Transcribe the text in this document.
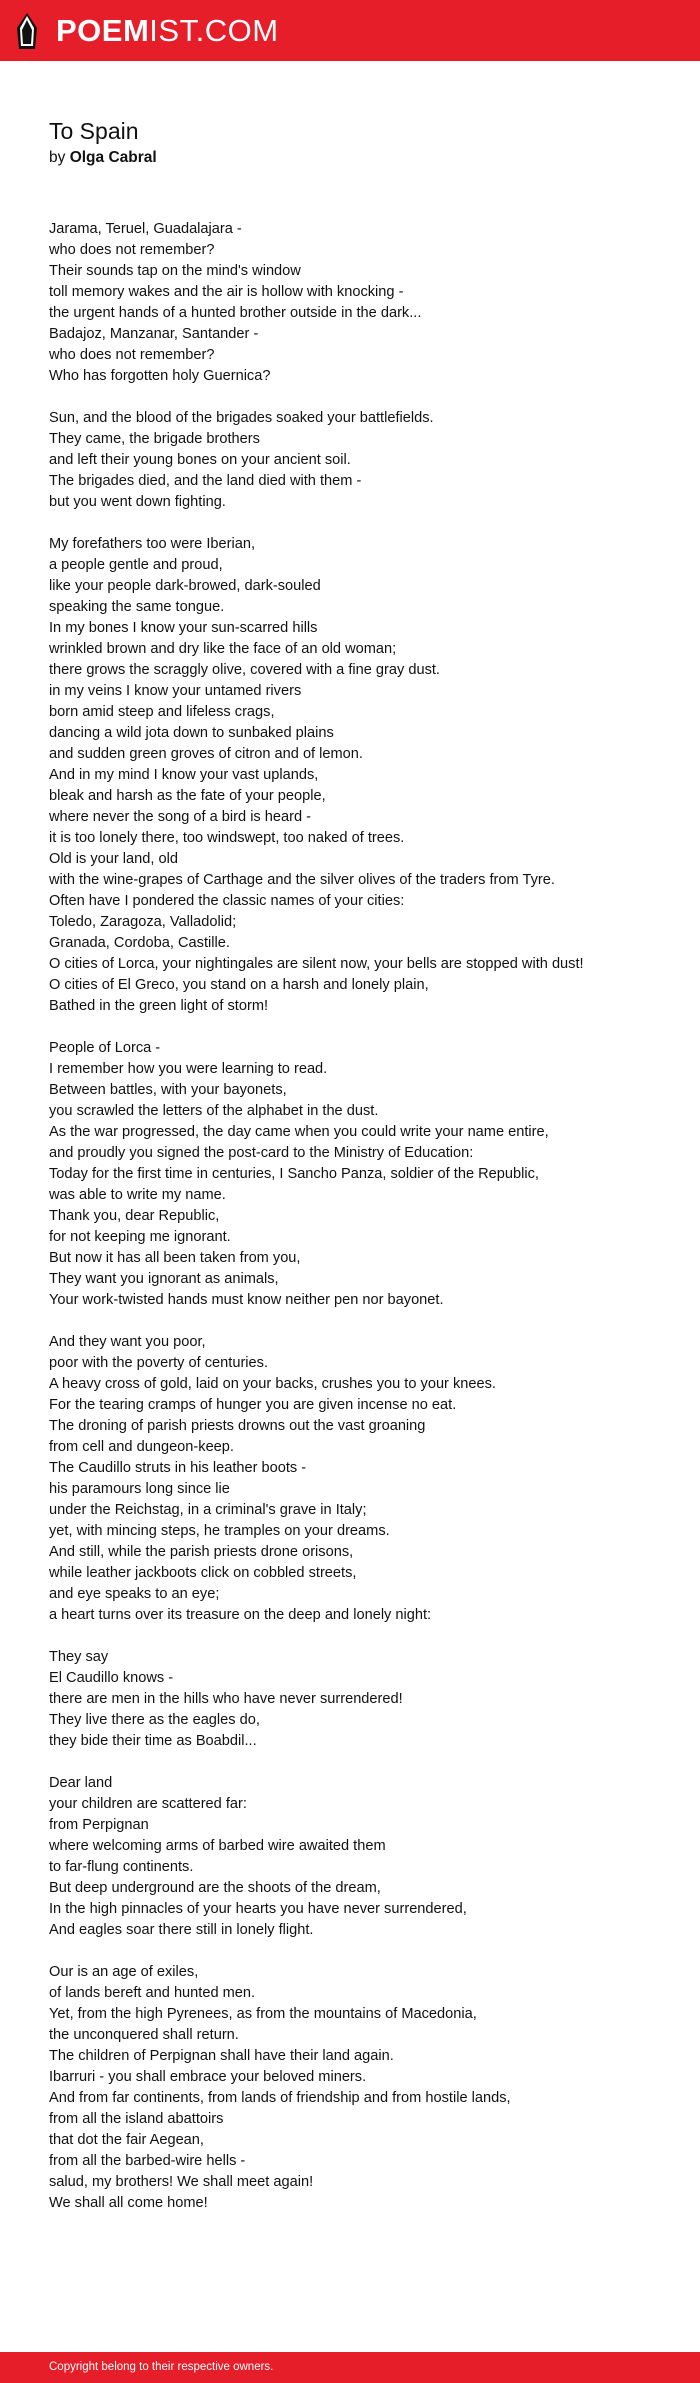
POEMIST.COM
To Spain
by Olga Cabral
Jarama, Teruel, Guadalajara -
who does not remember?
Their sounds tap on the mind's window
toll memory wakes and the air is hollow with knocking -
the urgent hands of a hunted brother outside in the dark...
Badajoz, Manzanar, Santander -
who does not remember?
Who has forgotten holy Guernica?
Sun, and the blood of the brigades soaked your battlefields.
They came, the brigade brothers
and left their young bones on your ancient soil.
The brigades died, and the land died with them -
but you went down fighting.
My forefathers too were Iberian,
a people gentle and proud,
like your people dark-browed, dark-souled
speaking the same tongue.
In my bones I know your sun-scarred hills
wrinkled brown and dry like the face of an old woman;
there grows the scraggly olive, covered with a fine gray dust.
in my veins I know your untamed rivers
born amid steep and lifeless crags,
dancing a wild jota down to sunbaked plains
and sudden green groves of citron and of lemon.
And in my mind I know your vast uplands,
bleak and harsh as the fate of your people,
where never the song of a bird is heard -
it is too lonely there, too windswept, too naked of trees.
Old is your land, old
with the wine-grapes of Carthage and the silver olives of the traders from Tyre.
Often have I pondered the classic names of your cities:
Toledo, Zaragoza, Valladolid;
Granada, Cordoba, Castille.
O cities of Lorca, your nightingales are silent now, your bells are stopped with dust!
O cities of El Greco, you stand on a harsh and lonely plain,
Bathed in the green light of storm!
People of Lorca -
I remember how you were learning to read.
Between battles, with your bayonets,
you scrawled the letters of the alphabet in the dust.
As the war progressed, the day came when you could write your name entire,
and proudly you signed the post-card to the Ministry of Education:
Today for the first time in centuries, I Sancho Panza, soldier of the Republic,
was able to write my name.
Thank you, dear Republic,
for not keeping me ignorant.
But now it has all been taken from you,
They want you ignorant as animals,
Your work-twisted hands must know neither pen nor bayonet.
And they want you poor,
poor with the poverty of centuries.
A heavy cross of gold, laid on your backs, crushes you to your knees.
For the tearing cramps of hunger you are given incense no eat.
The droning of parish priests drowns out the vast groaning
from cell and dungeon-keep.
The Caudillo struts in his leather boots -
his paramours long since lie
under the Reichstag, in a criminal's grave in Italy;
yet, with mincing steps, he tramples on your dreams.
And still, while the parish priests drone orisons,
while leather jackboots click on cobbled streets,
and eye speaks to an eye;
a heart turns over its treasure on the deep and lonely night:
They say
El Caudillo knows -
there are men in the hills who have never surrendered!
They live there as the eagles do,
they bide their time as Boabdil...
Dear land
your children are scattered far:
from Perpignan
where welcoming arms of barbed wire awaited them
to far-flung continents.
But deep underground are the shoots of the dream,
In the high pinnacles of your hearts you have never surrendered,
And eagles soar there still in lonely flight.
Our is an age of exiles,
of lands bereft and hunted men.
Yet, from the high Pyrenees, as from the mountains of Macedonia,
the unconquered shall return.
The children of Perpignan shall have their land again.
Ibarruri - you shall embrace your beloved miners.
And from far continents, from lands of friendship and from hostile lands,
from all the island abattoirs
that dot the fair Aegean,
from all the barbed-wire hells -
salud, my brothers! We shall meet again!
We shall all come home!
Copyright belong to their respective owners.
